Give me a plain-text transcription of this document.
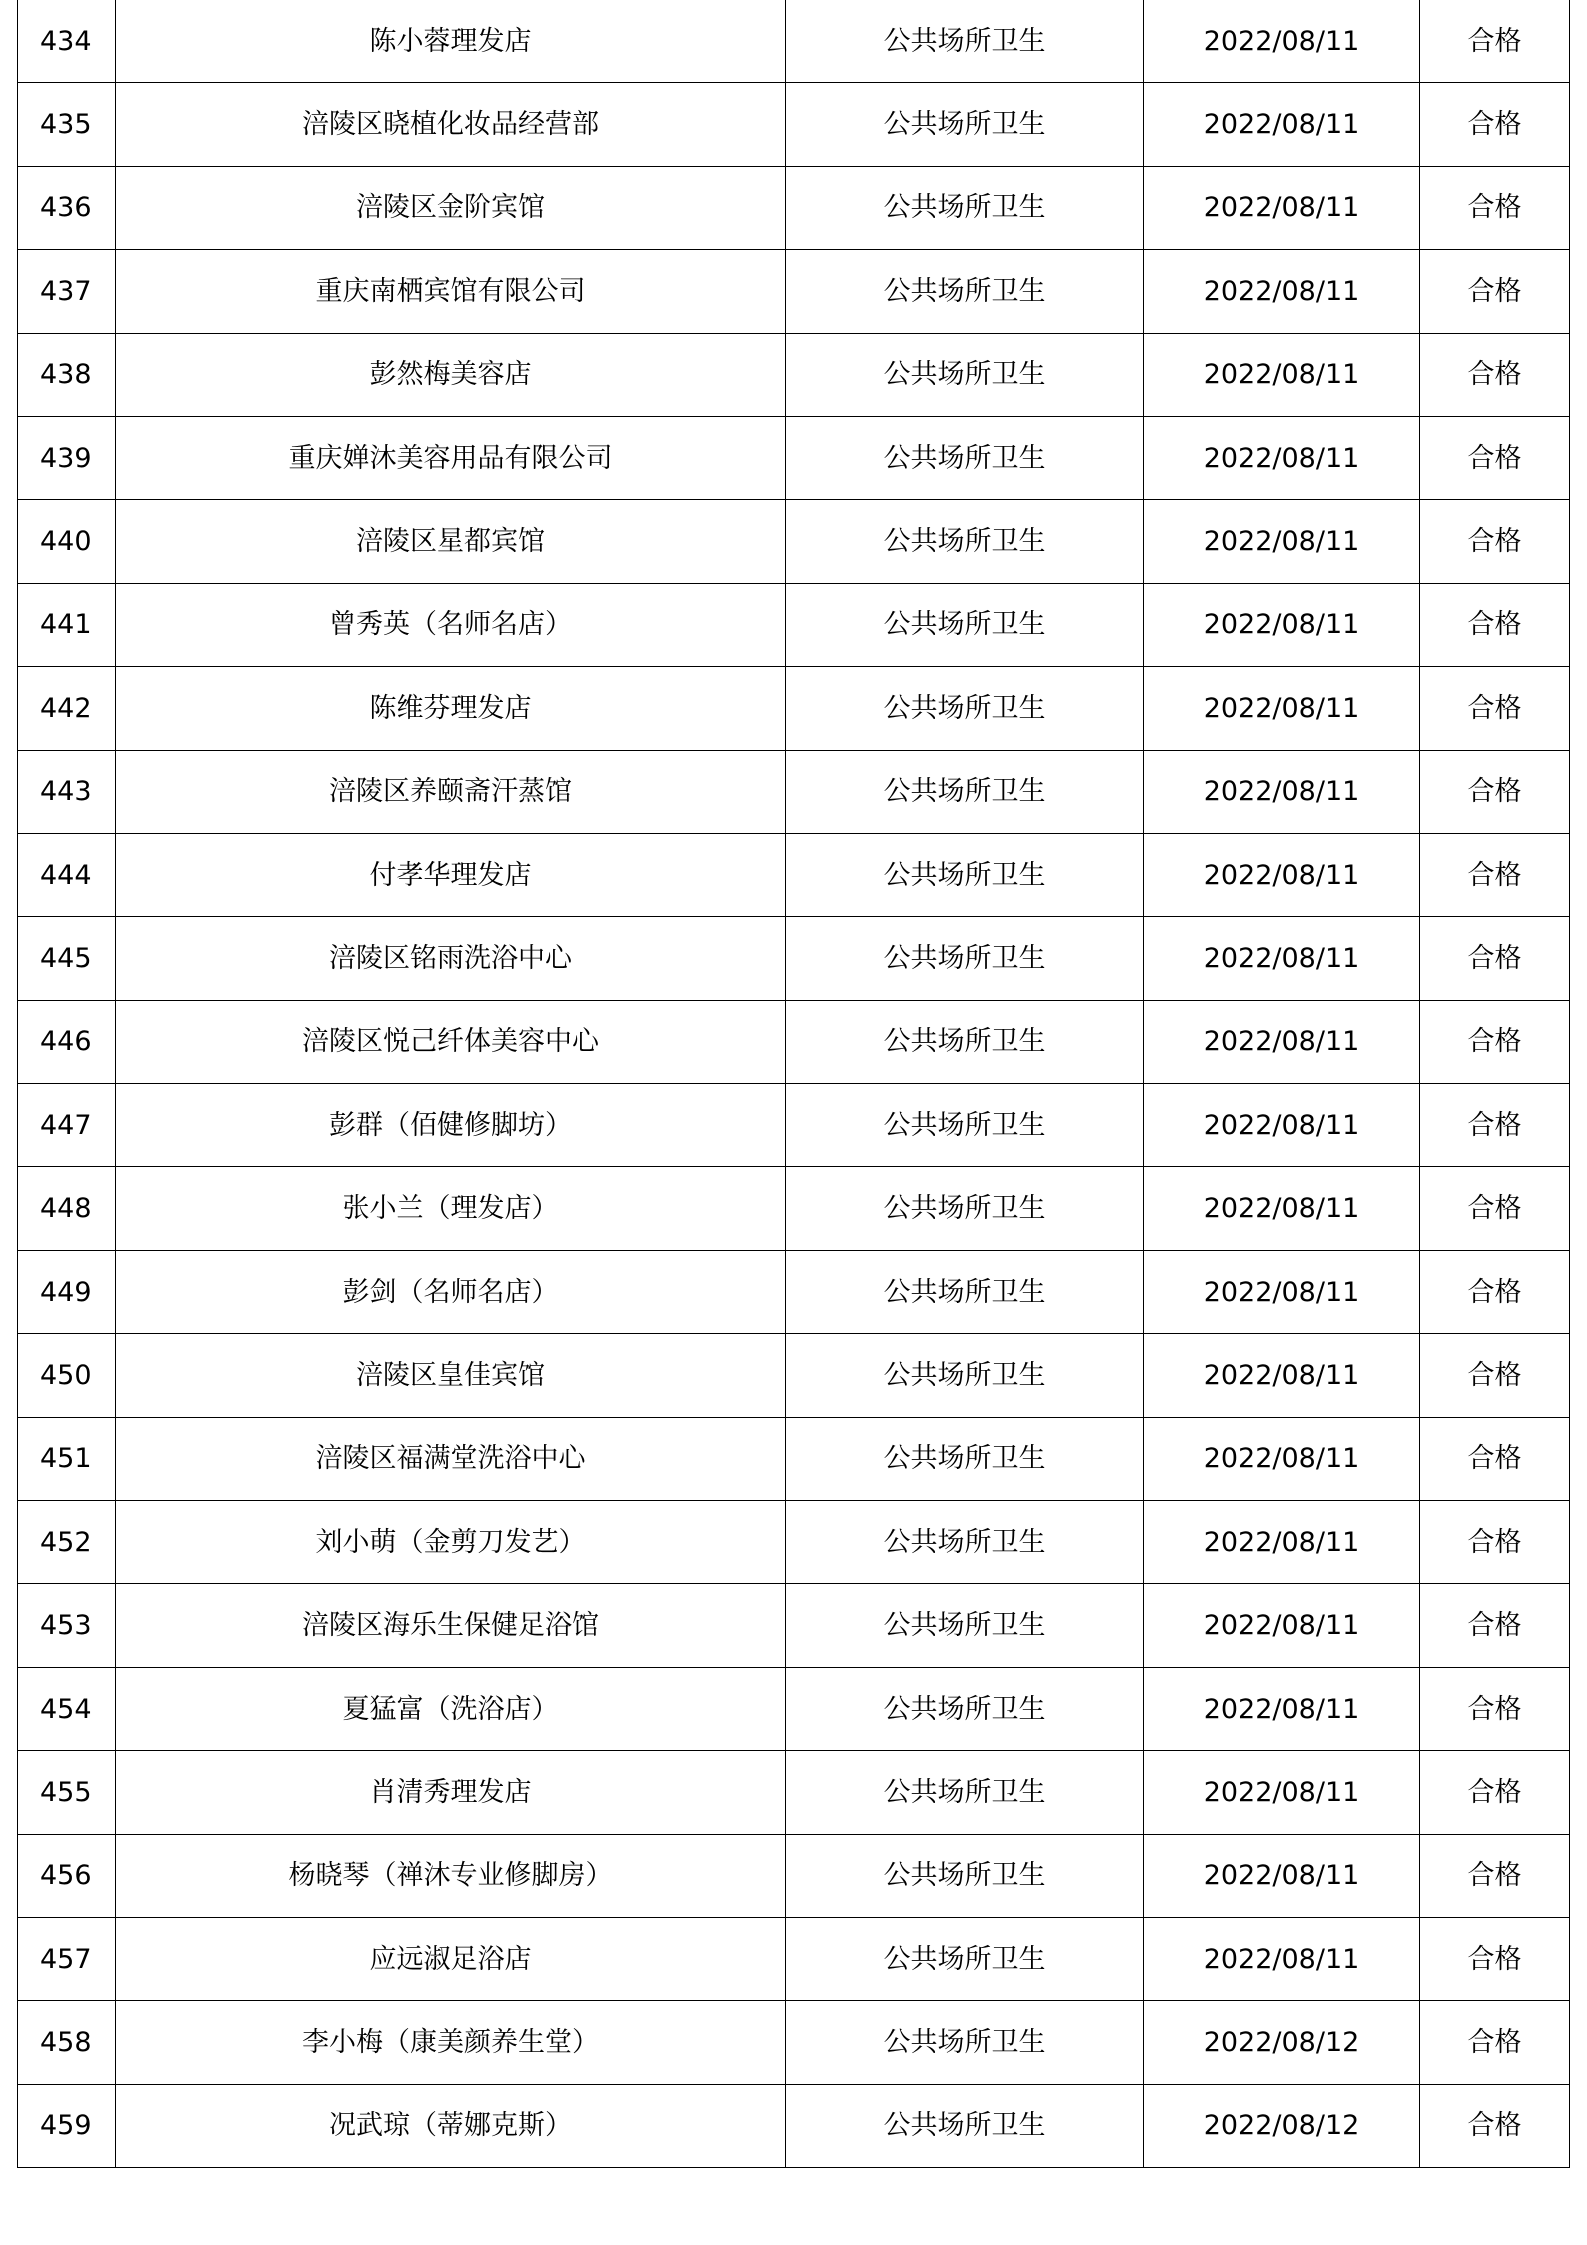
434	陈小蓉理发店	公共场所卫生	2022/08/11	合格
435	涪陵区晓植化妆品经营部	公共场所卫生	2022/08/11	合格
436	涪陵区金阶宾馆	公共场所卫生	2022/08/11	合格
437	重庆南栖宾馆有限公司	公共场所卫生	2022/08/11	合格
438	彭然梅美容店	公共场所卫生	2022/08/11	合格
439	重庆婵沐美容用品有限公司	公共场所卫生	2022/08/11	合格
440	涪陵区星都宾馆	公共场所卫生	2022/08/11	合格
441	曾秀英（名师名店）	公共场所卫生	2022/08/11	合格
442	陈维芬理发店	公共场所卫生	2022/08/11	合格
443	涪陵区养颐斋汗蒸馆	公共场所卫生	2022/08/11	合格
444	付孝华理发店	公共场所卫生	2022/08/11	合格
445	涪陵区铭雨洗浴中心	公共场所卫生	2022/08/11	合格
446	涪陵区悦己纤体美容中心	公共场所卫生	2022/08/11	合格
447	彭群（佰健修脚坊）	公共场所卫生	2022/08/11	合格
448	张小兰（理发店）	公共场所卫生	2022/08/11	合格
449	彭剑（名师名店）	公共场所卫生	2022/08/11	合格
450	涪陵区皇佳宾馆	公共场所卫生	2022/08/11	合格
451	涪陵区福满堂洗浴中心	公共场所卫生	2022/08/11	合格
452	刘小萌（金剪刀发艺）	公共场所卫生	2022/08/11	合格
453	涪陵区海乐生保健足浴馆	公共场所卫生	2022/08/11	合格
454	夏猛富（洗浴店）	公共场所卫生	2022/08/11	合格
455	肖清秀理发店	公共场所卫生	2022/08/11	合格
456	杨晓琴（禅沐专业修脚房）	公共场所卫生	2022/08/11	合格
457	应远淑足浴店	公共场所卫生	2022/08/11	合格
458	李小梅（康美颜养生堂）	公共场所卫生	2022/08/12	合格
459	况武琼（蒂娜克斯）	公共场所卫生	2022/08/12	合格
